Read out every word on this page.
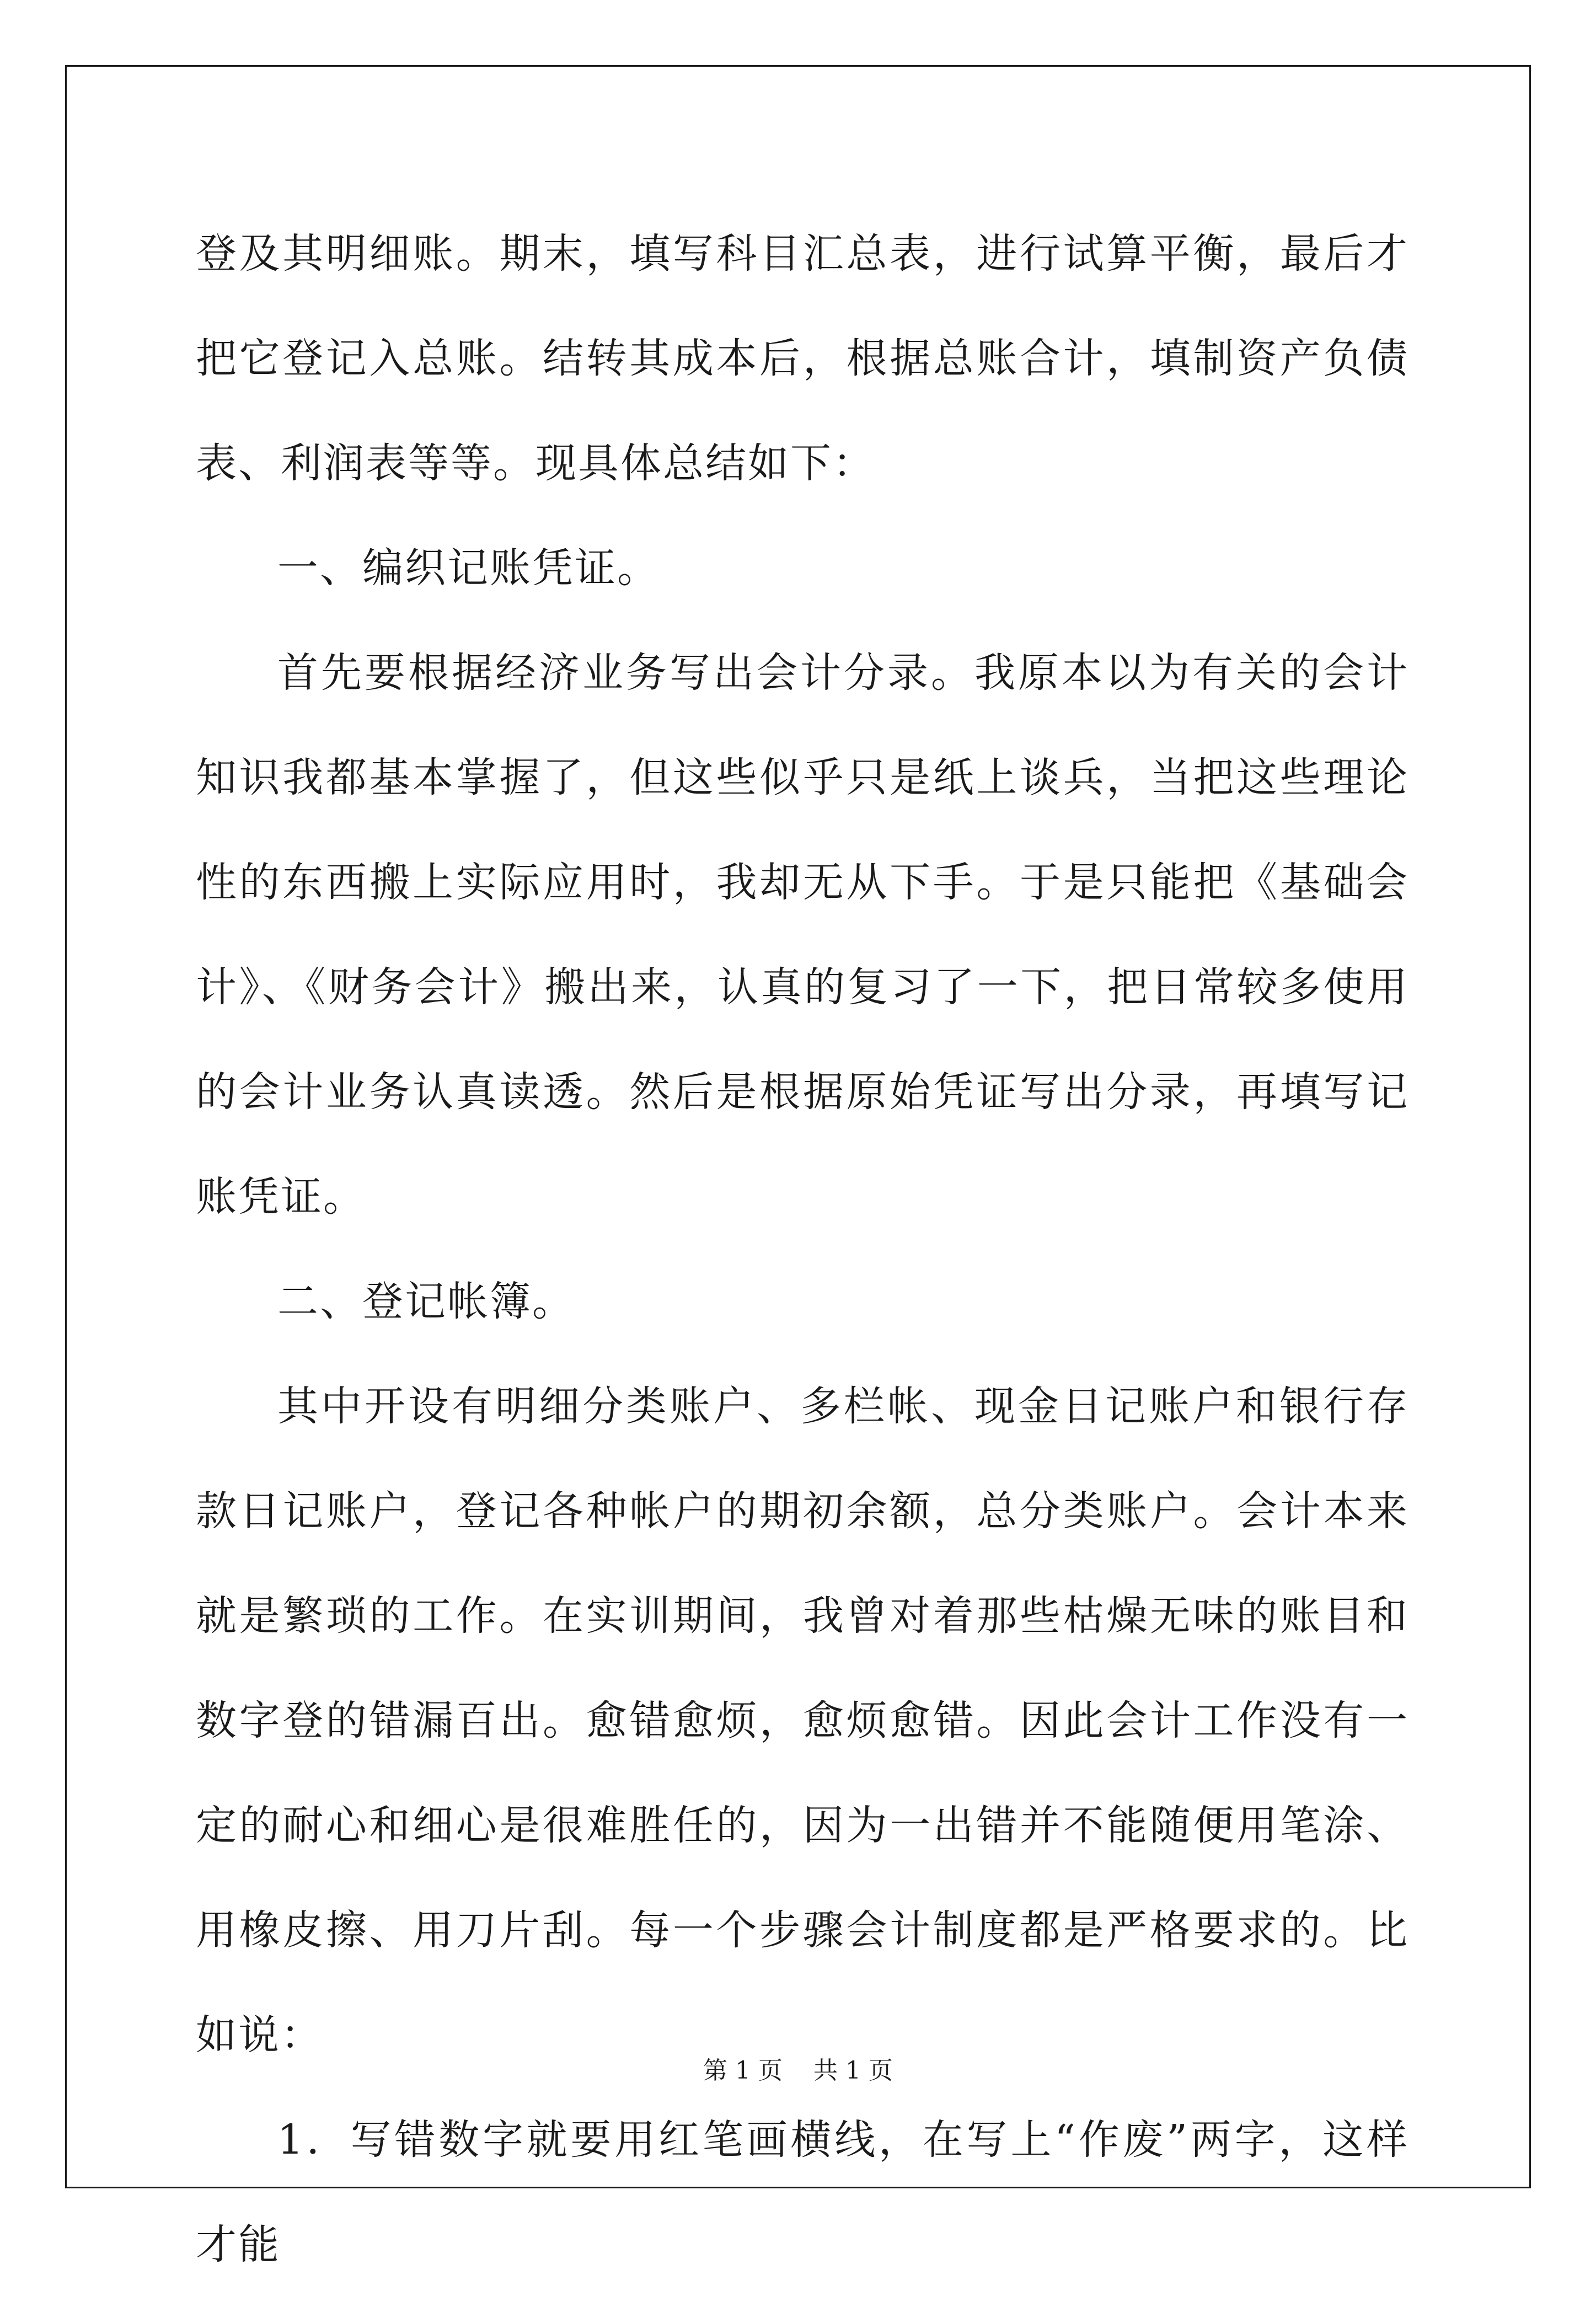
登及其明细账。期末，填写科目汇总表，进行试算平衡，最后才把它登记入总账。结转其成本后，根据总账合计，填制资产负债表、利润表等等。现具体总结如下：

一、编织记账凭证。

首先要根据经济业务写出会计分录。我原本以为有关的会计知识我都基本掌握了，但这些似乎只是纸上谈兵，当把这些理论性的东西搬上实际应用时，我却无从下手。于是只能把《基础会计》、《财务会计》搬出来，认真的复习了一下，把日常较多使用的会计业务认真读透。然后是根据原始凭证写出分录，再填写记账凭证。

二、登记帐簿。

其中开设有明细分类账户、多栏帐、现金日记账户和银行存款日记账户，登记各种帐户的期初余额，总分类账户。会计本来就是繁琐的工作。在实训期间，我曾对着那些枯燥无味的账目和数字登的错漏百出。愈错愈烦，愈烦愈错。因此会计工作没有一定的耐心和细心是很难胜任的，因为一出错并不能随便用笔涂、用橡皮擦、用刀片刮。每一个步骤会计制度都是严格要求的。比如说：

1．写错数字就要用红笔画横线，在写上“作废”两字，这样才能

第 1 页    共 1 页
